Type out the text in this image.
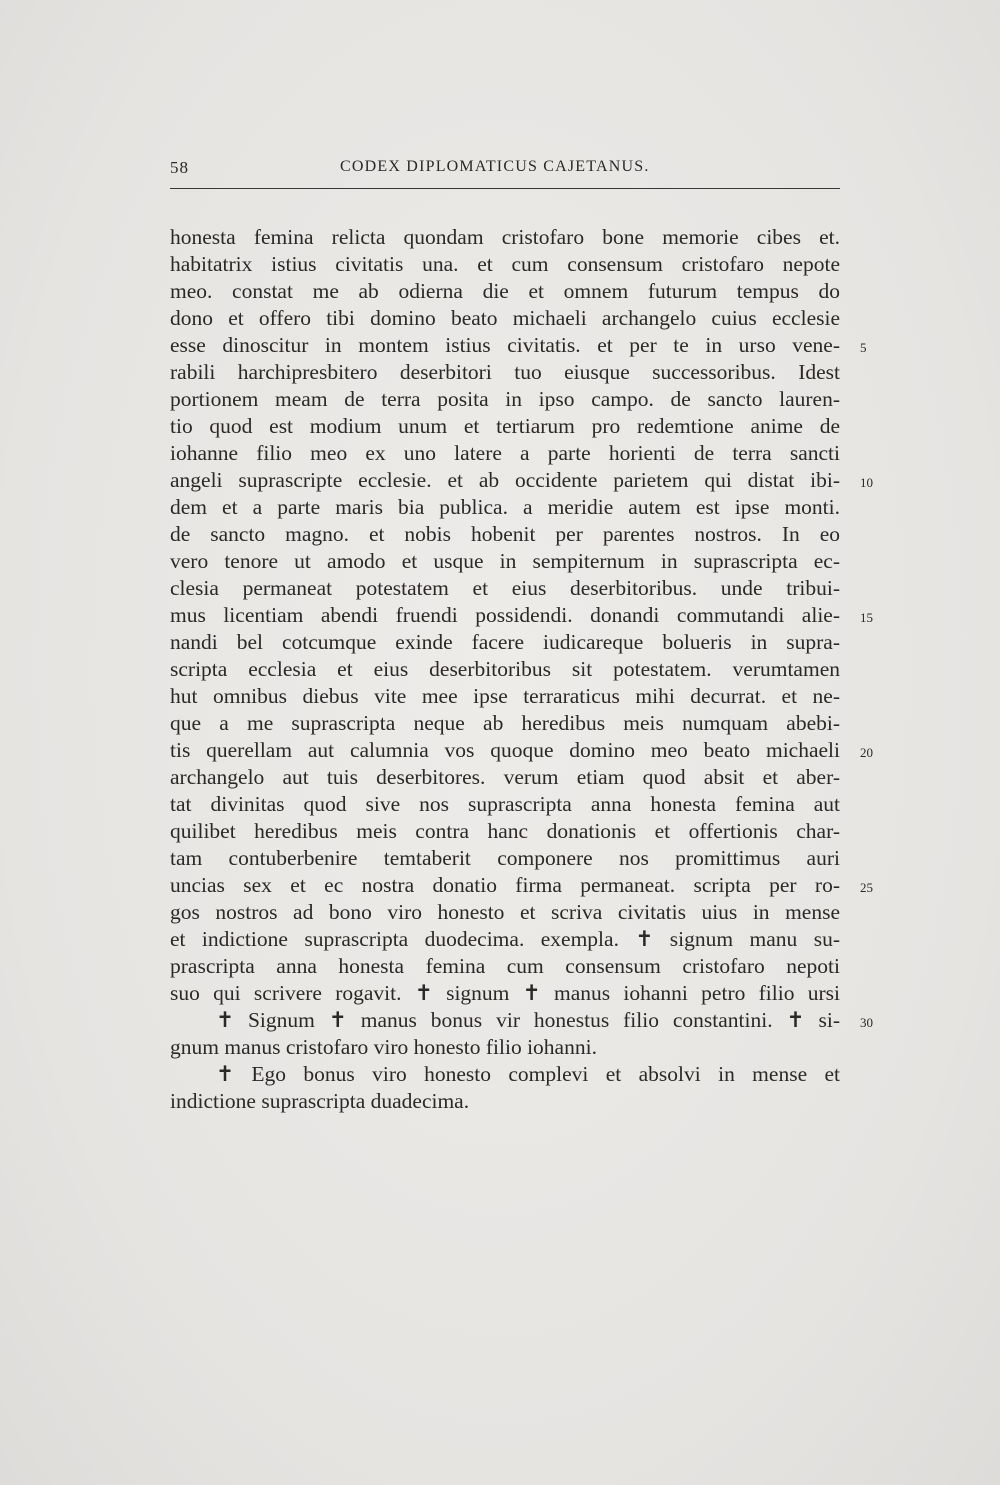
58	CODEX DIPLOMATICUS CAJETANUS.
honesta femina relicta quondam cristofaro bone memorie cibes et.
habitatrix istius civitatis una. et cum consensum cristofaro nepote
meo. constat me ab odierna die et omnem futurum tempus do
dono et offero tibi domino beato michaeli archangelo cuius ecclesie
esse dinoscitur in montem istius civitatis. et per te in urso vene- 5
rabili harchipresbitero deserbitori tuo eiusque successoribus. Idest
portionem meam de terra posita in ipso campo. de sancto lauren-
tio quod est modium unum et tertiarum pro redemtione anime de
iohanne filio meo ex uno latere a parte horienti de terra sancti
angeli suprascripte ecclesie. et ab occidente parietem qui distat ibi- 10
dem et a parte maris bia publica. a meridie autem est ipse monti.
de sancto magno. et nobis hobenit per parentes nostros. In eo
vero tenore ut amodo et usque in sempiternum in suprascripta ec-
clesia permaneat potestatem et eius deserbitoribus. unde tribui-
mus licentiam abendi fruendi possidendi. donandi commutandi alie- 15
nandi bel cotcumque exinde facere iudicareque bolueris in supra-
scripta ecclesia et eius deserbitoribus sit potestatem. verumtamen
hut omnibus diebus vite mee ipse terraraticus mihi decurrat. et ne-
que a me suprascripta neque ab heredibus meis numquam abebi-
tis querellam aut calumnia vos quoque domino meo beato michaeli 20
archangelo aut tuis deserbitores. verum etiam quod absit et aber-
tat divinitas quod sive nos suprascripta anna honesta femina aut
quilibet heredibus meis contra hanc donationis et offertionis char-
tam contuberbenire temtaberit componere nos promittimus auri
uncias sex et ec nostra donatio firma permaneat. scripta per ro- 25
gos nostros ad bono viro honesto et scriva civitatis uius in mense
et indictione suprascripta duodecima. exempla. ✝ signum manu su-
prascripta anna honesta femina cum consensum cristofaro nepoti
suo qui scrivere rogavit. ✝ signum ✝ manus iohanni petro filio ursi
✝ Signum ✝ manus bonus vir honestus filio constantini. ✝ si- 30
gnum manus cristofaro viro honesto filio iohanni.
✝ Ego bonus viro honesto complevi et absolvi in mense et
indictione suprascripta duadecima.
